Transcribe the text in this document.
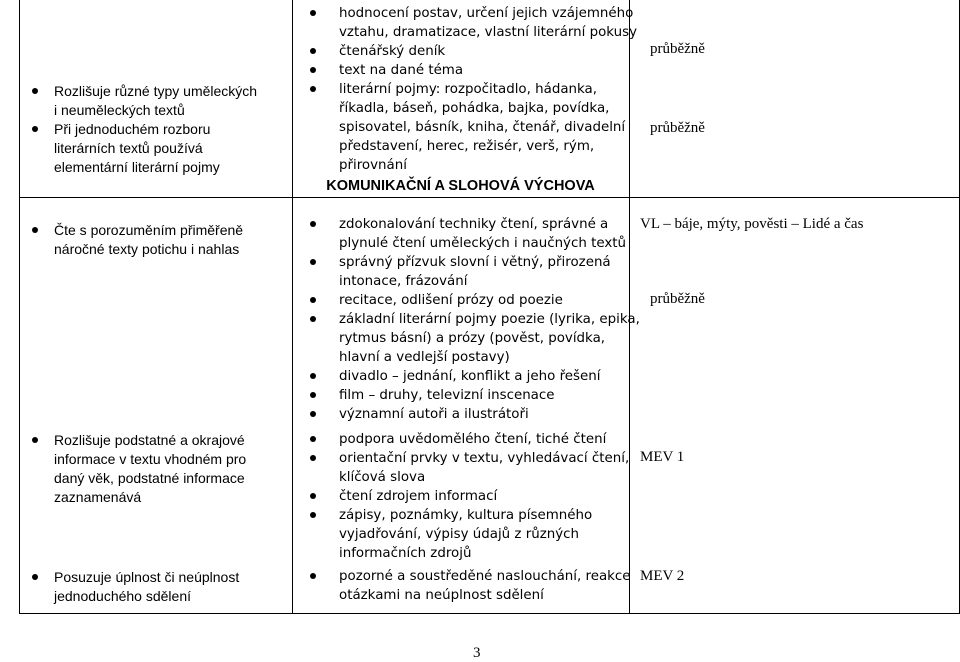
Rozlišuje různé typy uměleckých i neuměleckých textů
Při jednoduchém rozboru literárních textů používá elementární literární pojmy
Čte s porozuměním přiměřeně náročné texty potichu i nahlas
Rozlišuje podstatné a okrajové informace v textu vhodném pro daný věk, podstatné informace zaznamenává
Posuzuje úplnost či neúplnost jednoduchého sdělení
hodnocení postav, určení jejich vzájemného vztahu, dramatizace, vlastní literární pokusy
čtenářský deník
text na dané téma
literární pojmy: rozpočitadlo, hádanka, říkadla, báseň, pohádka, bajka, povídka, spisovatel, básník, kniha, čtenář, divadelní představení, herec, režisér, verš, rým, přirovnání
KOMUNIKAČNÍ A SLOHOVÁ VÝCHOVA
zdokonalování techniky čtení, správné a plynulé čtení uměleckých i naučných textů
správný přízvuk slovní i větný, přirozená intonace, frázování
recitace, odlišení prózy od poezie
základní literární pojmy poezie (lyrika, epika, rytmus básní) a prózy (pověst, povídka, hlavní a vedlejší postavy)
divadlo – jednání, konflikt a jeho řešení
film – druhy, televizní inscenace
významní autoři a ilustrátoři
podpora uvědomělého čtení, tiché čtení
orientační prvky v textu, vyhledávací čtení, klíčová slova
čtení zdrojem informací
zápisy, poznámky, kultura písemného vyjadřování, výpisy údajů z různých informačních zdrojů
pozorné a soustředěné naslouchání, reakce otázkami na neúplnost sdělení
průběžně
průběžně
VL – báje, mýty, pověsti – Lidé a čas
průběžně
MEV 1
MEV 2
3
